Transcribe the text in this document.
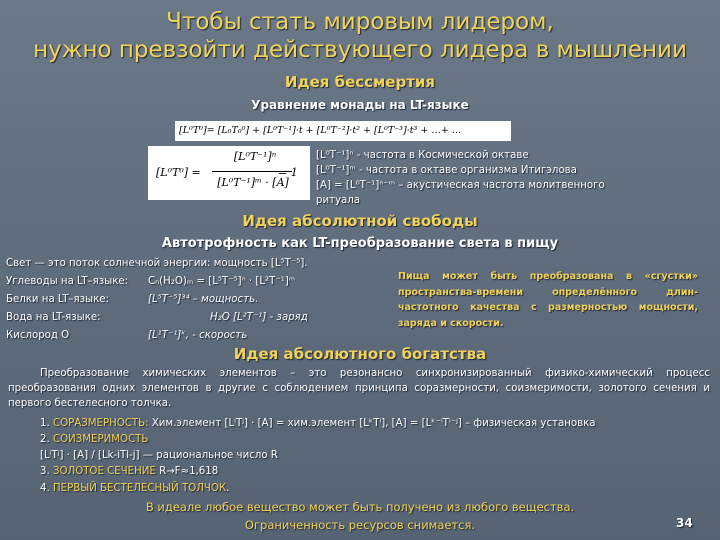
Чтобы стать мировым лидером,
нужно превзойти действующего лидера в мышлении
Идея бессмертия
Уравнение монады на LT-языке
[L⁰T⁰]= [L₀T₀⁰] + [L⁰T⁻¹]·t + [L⁰T⁻²]·t² + [L⁰T⁻³]·t³ + …+ …
[L⁰T⁰] =
[L⁰T⁻¹]ⁿ
[L⁰T⁻¹]ᵐ · [A]
= 1
[L⁰T⁻¹]ⁿ - частота в Космической октаве
[L⁰T⁻¹]ᵐ - частота в октаве организма Итигэлова
[A] = [L⁰T⁻¹]ⁿ⁻ᵐ – акустическая частота молитвенного
ритуала
Идея абсолютной свободы
Автотрофность как LT-преобразование света в пищу
Свет — это поток солнечной энергии: мощность [L⁵T⁻⁵].
Углеводы на LT–языке: Cₙ(H₂O)ₘ = [L⁵T⁻⁵]ⁿ · [L²T⁻¹]ᵐ
Белки на LT–языке:	[L⁵T⁻⁵]³⁴ – мощность.
Вода на LT-языке:	H₂O [L²T⁻¹] - заряд
Кислород О	[L¹T⁻¹]ᵏ, - скорость
Пища может быть преобразована в «сгустки» пространства-времени определённого длин-частотного качества с размерностью мощности, заряда и скорости.
Идея абсолютного богатства
Преобразование химических элементов – это резонансно синхронизированный физико-химический процесс преобразования одних элементов в другие с соблюдением принципа соразмерности, соизмеримости, золотого сечения и первого бестелесного толчка.
1. СОРАЗМЕРНОСТЬ: Хим.элемент [LⁱTʲ] · [A] = хим.элемент [LᵏTˡ], [A] = [Lᵏ⁻ⁱTˡ⁻ʲ] – физическая установка
2. СОИЗМЕРИМОСТЬ
[LⁱTʲ] · [A] / [Lk-iTl-j] — рациональное число R
3. ЗОЛОТОЕ СЕЧЕНИЕ R→F≈1,618
4. ПЕРВЫЙ БЕСТЕЛЕСНЫЙ ТОЛЧОК.
В идеале любое вещество может быть получено из любого вещества.
Ограниченность ресурсов снимается.	34
